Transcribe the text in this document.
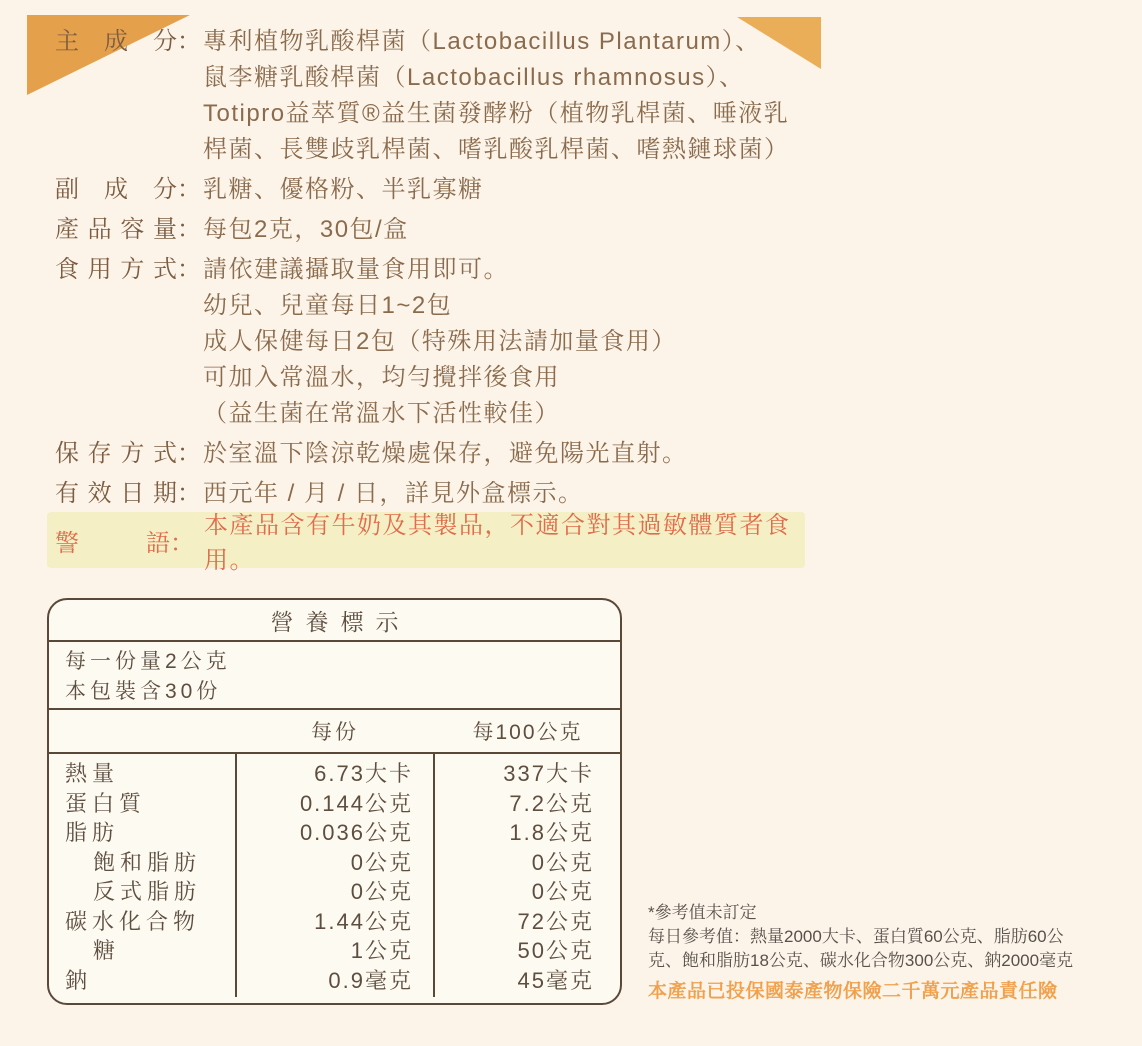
主成分 ： 專利植物乳酸桿菌（Lactobacillus Plantarum）、
鼠李糖乳酸桿菌（Lactobacillus rhamnosus）、
Totipro益萃質®益生菌發酵粉（植物乳桿菌、唾液乳
桿菌、長雙歧乳桿菌、嗜乳酸乳桿菌、嗜熱鏈球菌）
副成分 ： 乳糖、優格粉、半乳寡糖
產品容量 ： 每包2克，30包/盒
食用方式 ： 請依建議攝取量食用即可。
幼兒、兒童每日1~2包
成人保健每日2包（特殊用法請加量食用）
可加入常溫水，均勻攪拌後食用
（益生菌在常溫水下活性較佳）
保存方式 ： 於室溫下陰涼乾燥處保存，避免陽光直射。
有效日期 ： 西元年 / 月 / 日，詳見外盒標示。
警語 ：
本產品含有牛奶及其製品，不適合對其過敏體質者食用。
營養標示
每一份量2公克
本包裝含30份
每份	每100公克
熱量
蛋白質
脂肪
飽和脂肪
反式脂肪
碳水化合物
糖
鈉
6.73大卡
0.144公克
0.036公克
0公克
0公克
1.44公克
1公克
0.9毫克
337大卡
7.2公克
1.8公克
0公克
0公克
72公克
50公克
45毫克
*參考值未訂定
每日參考值：熱量2000大卡、蛋白質60公克、脂肪60公
克、飽和脂肪18公克、碳水化合物300公克、鈉2000毫克
本產品已投保國泰產物保險二千萬元產品責任險
